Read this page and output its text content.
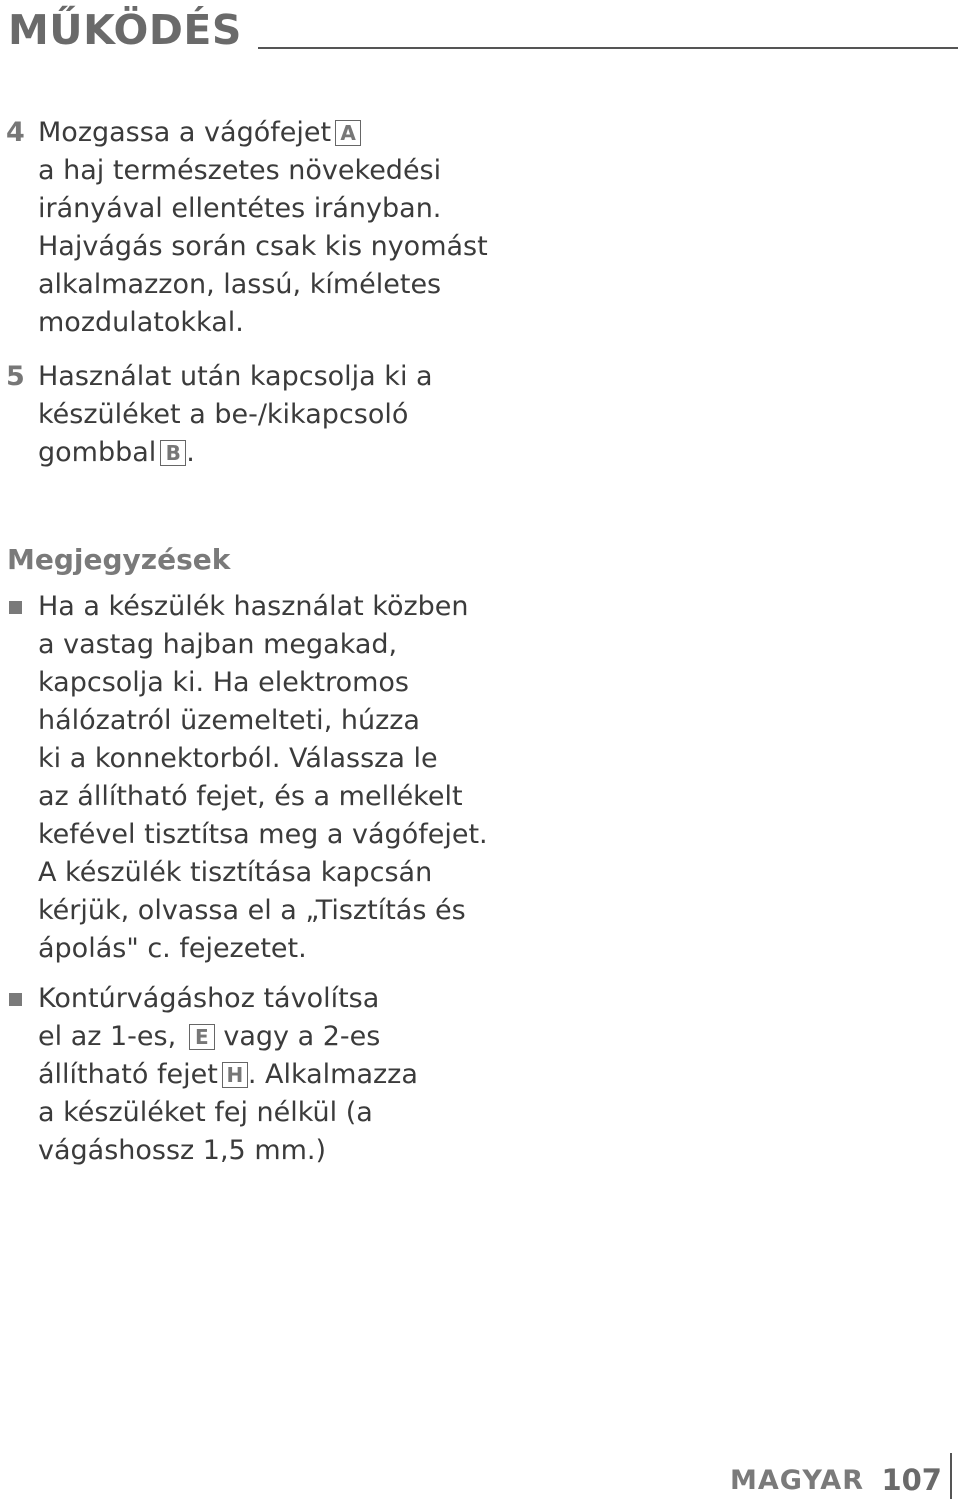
MŰKÖDÉS
4 Mozgassa a vágófejet A
a haj természetes növekedési
irányával ellentétes irányban.
Hajvágás során csak kis nyomást
alkalmazzon, lassú, kíméletes
mozdulatokkal.
5 Használat után kapcsolja ki a
készüléket a be-/kikapcsoló
gombbal B .
Megjegyzések
Ha a készülék használat közben
a vastag hajban megakad,
kapcsolja ki. Ha elektromos
hálózatról üzemelteti, húzza
ki a konnektorból. Válassza le
az állítható fejet, és a mellékelt
kefével tisztítsa meg a vágófejet.
A készülék tisztítása kapcsán
kérjük, olvassa el a „Tisztítás és
ápolás" c. fejezetet.
Kontúrvágáshoz távolítsa
el az 1-es, E vagy a 2-es
állítható fejet H . Alkalmazza
a készüléket fej nélkül (a
vágáshossz 1,5 mm.)
MAGYAR 107
